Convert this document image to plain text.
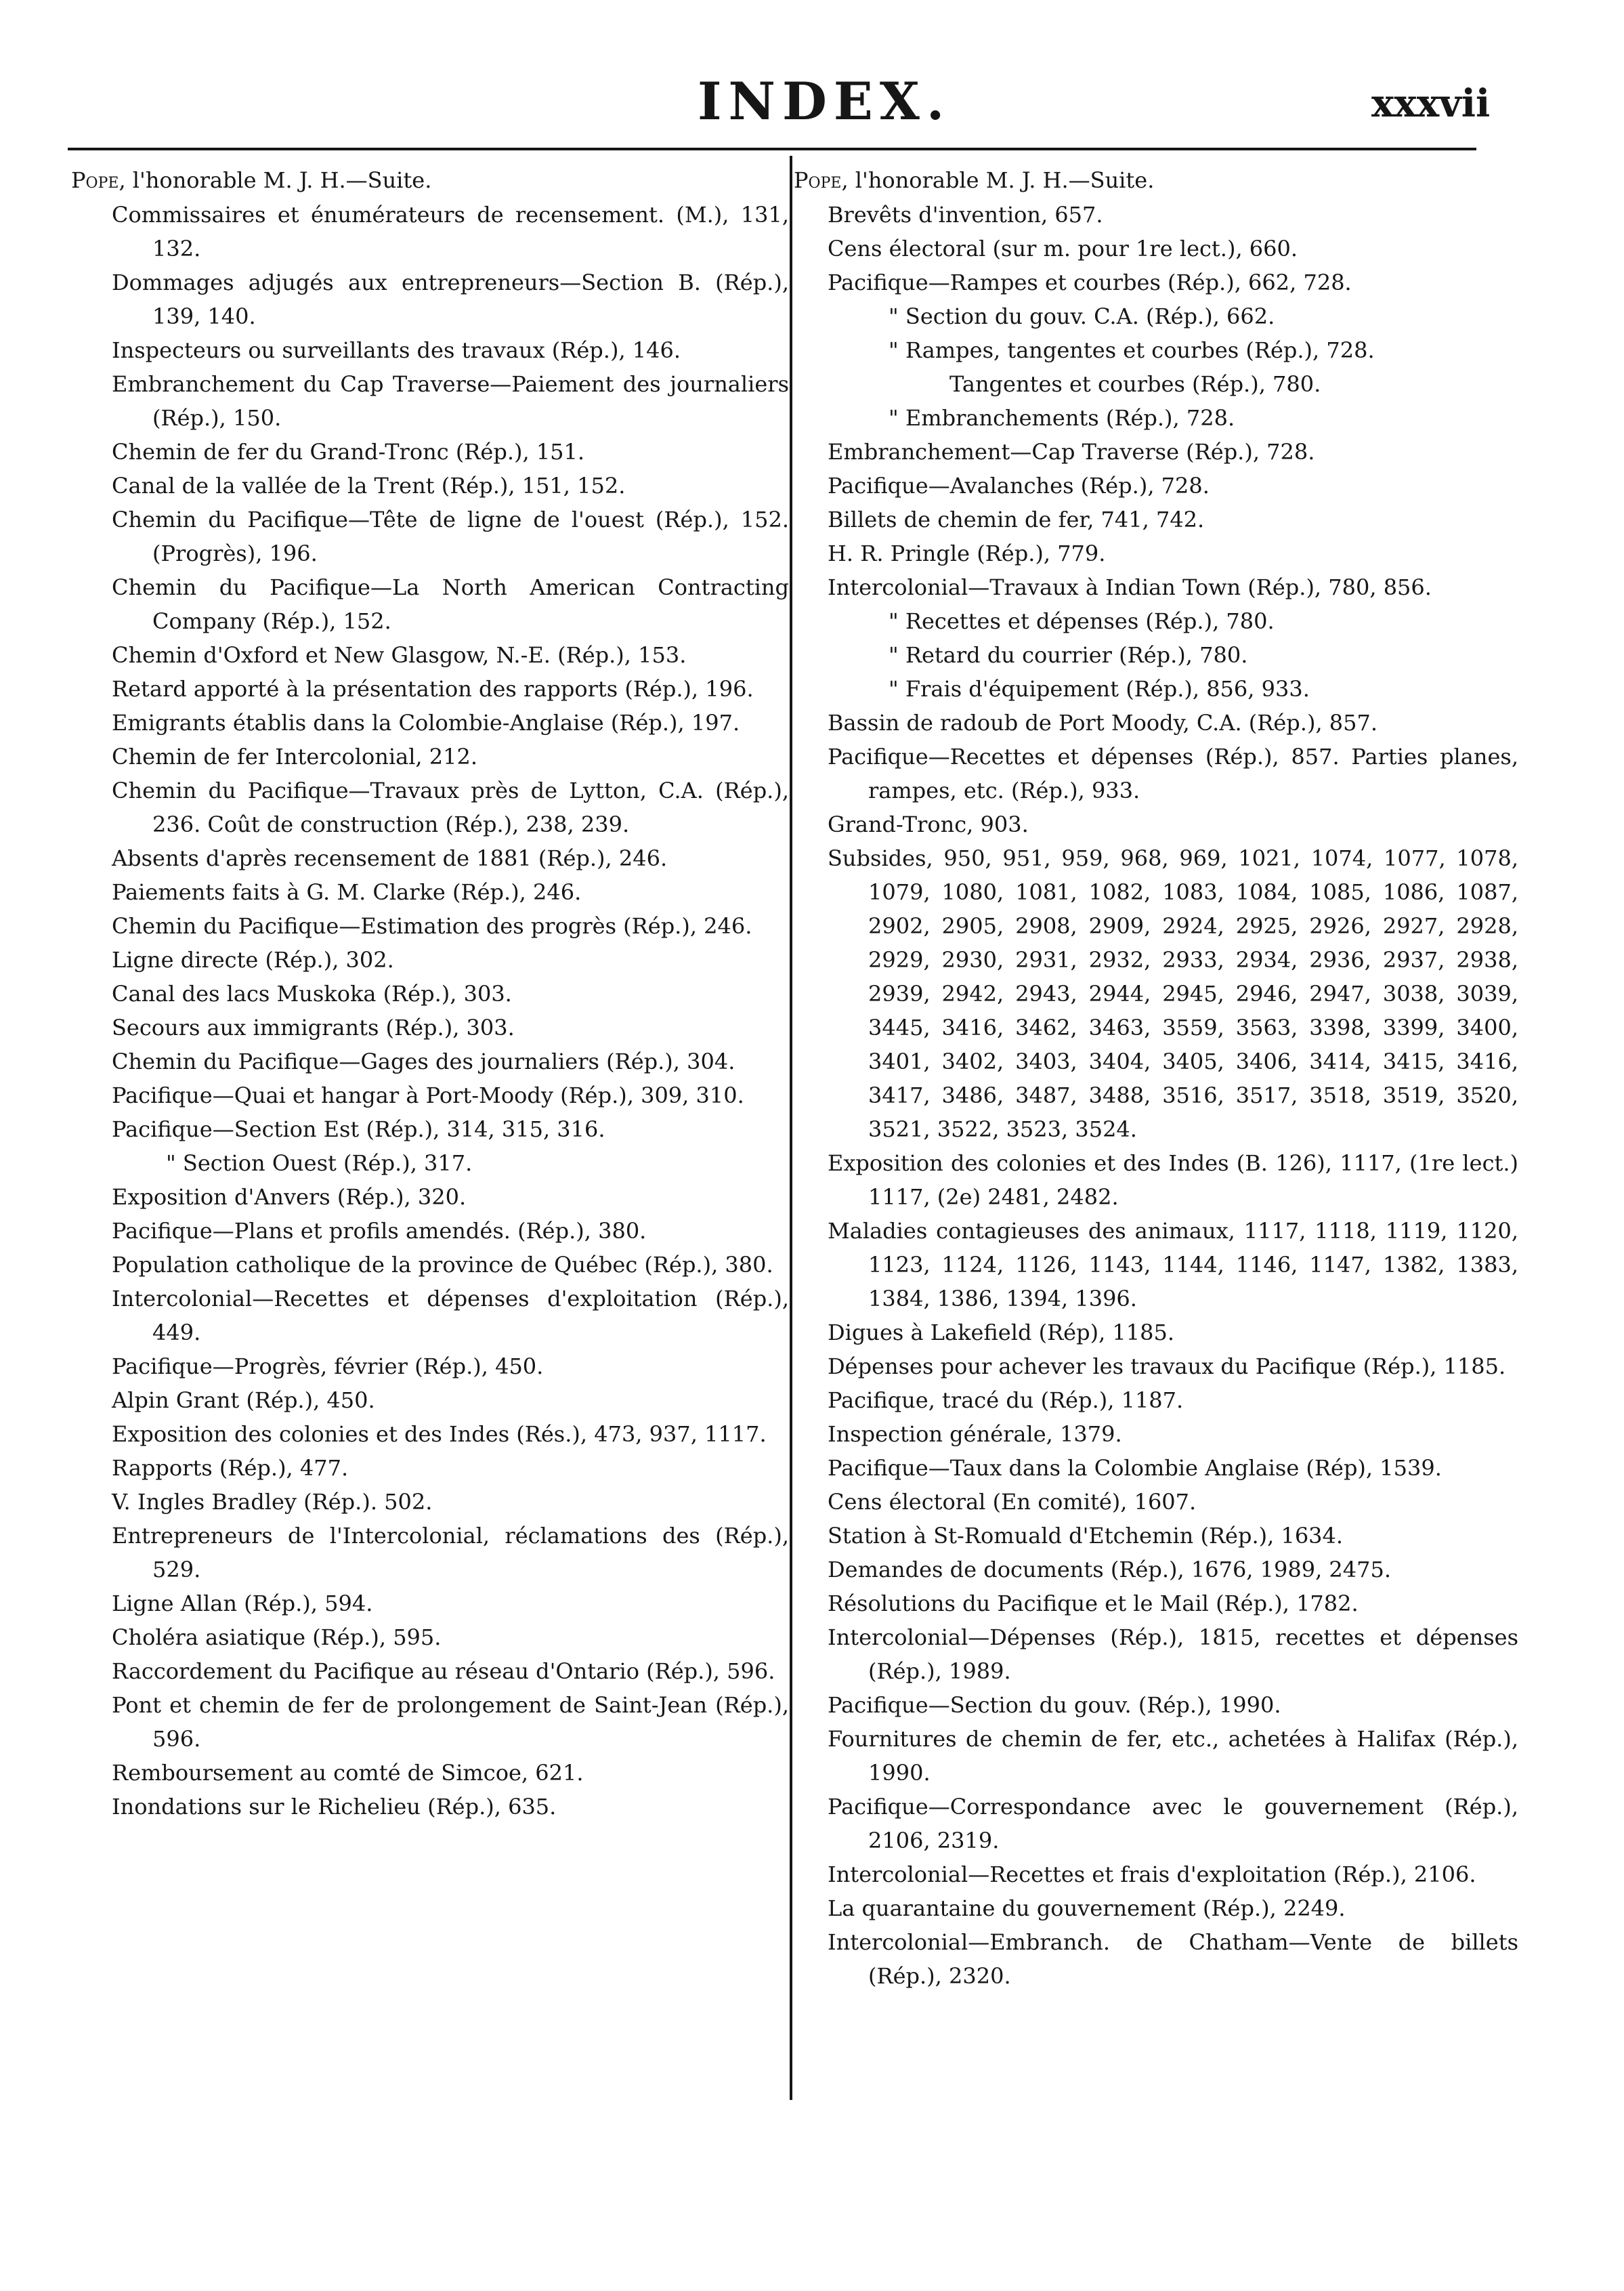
INDEX.	xxxvii
Pope, l'honorable M. J. H.—Suite.
Commissaires et énumérateurs de recensement. (M.), 131, 132.
Dommages adjugés aux entrepreneurs—Section B. (Rép.), 139, 140.
Inspecteurs ou surveillants des travaux (Rép.), 146.
Embranchement du Cap Traverse—Paiement des journaliers (Rép.), 150.
Chemin de fer du Grand-Tronc (Rép.), 151.
Canal de la vallée de la Trent (Rép.), 151, 152.
Chemin du Pacifique—Tête de ligne de l'ouest (Rép.), 152. (Progrès), 196.
Chemin du Pacifique—La North American Contracting Company (Rép.), 152.
Chemin d'Oxford et New Glasgow, N.-E. (Rép.), 153.
Retard apporté à la présentation des rapports (Rép.), 196.
Emigrants établis dans la Colombie-Anglaise (Rép.), 197.
Chemin de fer Intercolonial, 212.
Chemin du Pacifique—Travaux près de Lytton, C.A. (Rép.), 236. Coût de construction (Rép.), 238, 239.
Absents d'après recensement de 1881 (Rép.), 246.
Paiements faits à G. M. Clarke (Rép.), 246.
Chemin du Pacifique—Estimation des progrès (Rép.), 246.
Ligne directe (Rép.), 302.
Canal des lacs Muskoka (Rép.), 303.
Secours aux immigrants (Rép.), 303.
Chemin du Pacifique—Gages des journaliers (Rép.), 304.
Pacifique—Quai et hangar à Port-Moody (Rép.), 309, 310.
Pacifique—Section Est (Rép.), 314, 315, 316.
" Section Ouest (Rép.), 317.
Exposition d'Anvers (Rép.), 320.
Pacifique—Plans et profils amendés. (Rép.), 380.
Population catholique de la province de Québec (Rép.), 380.
Intercolonial—Recettes et dépenses d'exploitation (Rép.), 449.
Pacifique—Progrès, février (Rép.), 450.
Alpin Grant (Rép.), 450.
Exposition des colonies et des Indes (Rés.), 473, 937, 1117.
Rapports (Rép.), 477.
V. Ingles Bradley (Rép.). 502.
Entrepreneurs de l'Intercolonial, réclamations des (Rép.), 529.
Ligne Allan (Rép.), 594.
Choléra asiatique (Rép.), 595.
Raccordement du Pacifique au réseau d'Ontario (Rép.), 596.
Pont et chemin de fer de prolongement de Saint-Jean (Rép.), 596.
Remboursement au comté de Simcoe, 621.
Inondations sur le Richelieu (Rép.), 635.
Pope, l'honorable M. J. H.—Suite.
Brevêts d'invention, 657.
Cens électoral (sur m. pour 1re lect.), 660.
Pacifique—Rampes et courbes (Rép.), 662, 728.
" Section du gouv. C.A. (Rép.), 662.
" Rampes, tangentes et courbes (Rép.), 728.
Tangentes et courbes (Rép.), 780.
" Embranchements (Rép.), 728.
Embranchement—Cap Traverse (Rép.), 728.
Pacifique—Avalanches (Rép.), 728.
Billets de chemin de fer, 741, 742.
H. R. Pringle (Rép.), 779.
Intercolonial—Travaux à Indian Town (Rép.), 780, 856.
" Recettes et dépenses (Rép.), 780.
" Retard du courrier (Rép.), 780.
" Frais d'équipement (Rép.), 856, 933.
Bassin de radoub de Port Moody, C.A. (Rép.), 857.
Pacifique—Recettes et dépenses (Rép.), 857. Parties planes, rampes, etc. (Rép.), 933.
Grand-Tronc, 903.
Subsides, 950, 951, 959, 968, 969, 1021, 1074, 1077, 1078, 1079, 1080, 1081, 1082, 1083, 1084, 1085, 1086, 1087, 2902, 2905, 2908, 2909, 2924, 2925, 2926, 2927, 2928, 2929, 2930, 2931, 2932, 2933, 2934, 2936, 2937, 2938, 2939, 2942, 2943, 2944, 2945, 2946, 2947, 3038, 3039, 3445, 3416, 3462, 3463, 3559, 3563, 3398, 3399, 3400, 3401, 3402, 3403, 3404, 3405, 3406, 3414, 3415, 3416, 3417, 3486, 3487, 3488, 3516, 3517, 3518, 3519, 3520, 3521, 3522, 3523, 3524.
Exposition des colonies et des Indes (B. 126), 1117, (1re lect.) 1117, (2e) 2481, 2482.
Maladies contagieuses des animaux, 1117, 1118, 1119, 1120, 1123, 1124, 1126, 1143, 1144, 1146, 1147, 1382, 1383, 1384, 1386, 1394, 1396.
Digues à Lakefield (Rép), 1185.
Dépenses pour achever les travaux du Pacifique (Rép.), 1185.
Pacifique, tracé du (Rép.), 1187.
Inspection générale, 1379.
Pacifique—Taux dans la Colombie Anglaise (Rép), 1539.
Cens électoral (En comité), 1607.
Station à St-Romuald d'Etchemin (Rép.), 1634.
Demandes de documents (Rép.), 1676, 1989, 2475.
Résolutions du Pacifique et le Mail (Rép.), 1782.
Intercolonial—Dépenses (Rép.), 1815, recettes et dépenses (Rép.), 1989.
Pacifique—Section du gouv. (Rép.), 1990.
Fournitures de chemin de fer, etc., achetées à Halifax (Rép.), 1990.
Pacifique—Correspondance avec le gouvernement (Rép.), 2106, 2319.
Intercolonial—Recettes et frais d'exploitation (Rép.), 2106.
La quarantaine du gouvernement (Rép.), 2249.
Intercolonial—Embranch. de Chatham—Vente de billets (Rép.), 2320.
